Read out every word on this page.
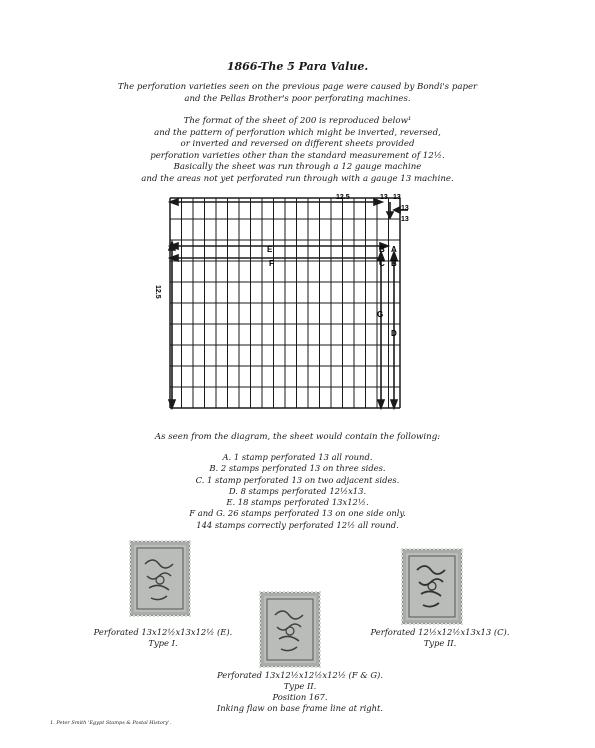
1866-The 5 Para Value.
The perforation varieties seen on the previous page were caused by Bondi's paper
and the Pellas Brother's poor perforating machines.
The format of the sheet of 200 is reproduced below¹
and the pattern of perforation which might be inverted, reversed,
or inverted and reversed on different sheets provided
perforation varieties other than the standard measurement of 12½.
Basically the sheet was run through a 12 gauge machine
and the areas not yet perforated run through with a gauge 13 machine.
12.5	13 13
13
13
E
F
B A
C B
G
D
12.5
As seen from the diagram, the sheet would contain the following:
A. 1 stamp perforated 13 all round.
B. 2 stamps perforated 13 on three sides.
C. 1 stamp perforated 13 on two adjacent sides.
D. 8 stamps perforated 12½x13.
E. 18 stamps perforated 13x12½.
F and G. 26 stamps perforated 13 on one side only.
144 stamps correctly perforated 12½ all round.
Perforated 13x12½x13x12½ (E).
Type I.
Perforated 12½x12½x13x13 (C).
Type II.
Perforated 13x12½x12½x12½ (F & G).
Type II.
Position 167.
Inking flaw on base frame line at right.
1. Peter Smith 'Egypt Stamps & Postal History'.
